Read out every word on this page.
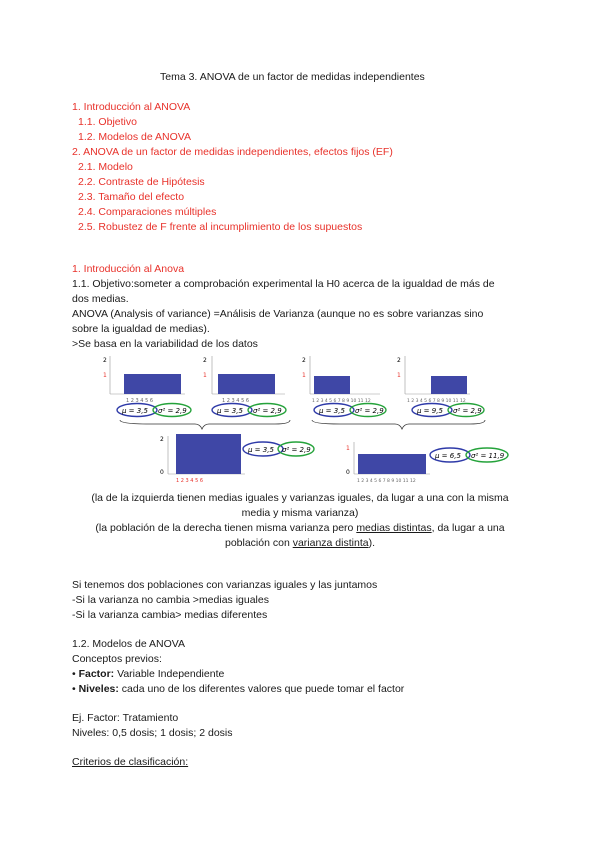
Tema 3. ANOVA de un factor de medidas independientes
1. Introducción al ANOVA
1.1. Objetivo
1.2. Modelos de ANOVA
2. ANOVA de un factor de medidas independientes, efectos fijos (EF)
2.1. Modelo
2.2. Contraste de Hipótesis
2.3. Tamaño del efecto
2.4. Comparaciones múltiples
2.5. Robustez de F frente al incumplimiento de los supuestos
1. Introducción al Anova
1.1. Objetivo:someter a comprobación experimental la H0 acerca de la igualdad de más de
dos medias.
ANOVA (Analysis of variance) =Análisis de Varianza (aunque no es sobre varianzas sino
sobre la igualdad de medias).
>Se basa en la variabilidad de los datos
2
1
1 2 3 4 5 6
2
1
1 2 3 4 5 6
μ = 3,5 σ² = 2,9	μ = 3,5 σ² = 2,9
2
0
1 2 3 4 5 6
μ = 3,5 σ² = 2,9
2
1
1 2 3 4 5 6 7 8 9 10 11 12
2
1
1 2 3 4 5 6 7 8 9 10 11 12
μ = 3,5 σ² = 2,9	μ = 9,5 σ² = 2,9
1
0
1 2 3 4 5 6 7 8 9 10 11 12
μ = 6,5 σ² = 11,9
(la de la izquierda tienen medias iguales y varianzas iguales, da lugar a una con la misma
media y misma varianza)
(la población de la derecha tienen misma varianza pero medias distintas, da lugar a una
población con varianza distinta).
Si tenemos dos poblaciones con varianzas iguales y las juntamos
-Si la varianza no cambia >medias iguales
-Si la varianza cambia> medias diferentes
1.2. Modelos de ANOVA
Conceptos previos:
• Factor: Variable Independiente
• Niveles: cada uno de los diferentes valores que puede tomar el factor
Ej. Factor: Tratamiento
Niveles: 0,5 dosis; 1 dosis; 2 dosis
Criterios de clasificación:
